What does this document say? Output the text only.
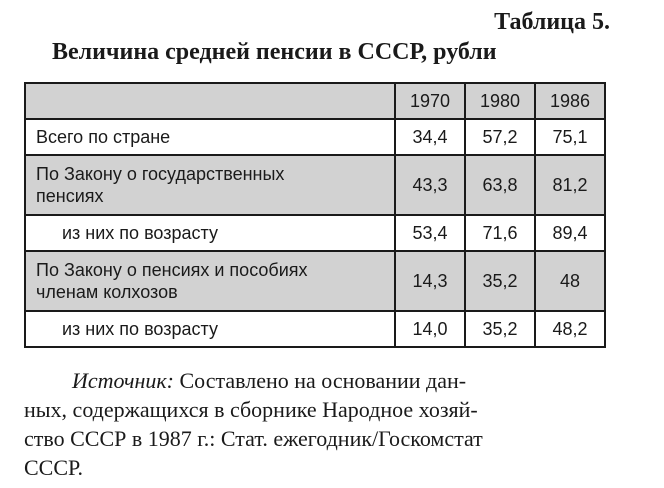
Таблица 5.
Величина средней пенсии в СССР, рубли
	1970	1980	1986
Всего по стране	34,4	57,2	75,1
По Закону о государственных
пенсиях	43,3	63,8	81,2
из них по возрасту	53,4	71,6	89,4
По Закону о пенсиях и пособиях
членам колхозов	14,3	35,2	48
из них по возрасту	14,0	35,2	48,2
Источник: Составлено на основании дан-
ных, содержащихся в сборнике Народное хозяй-
ство СССР в 1987 г.: Стат. ежегодник/Госкомстат
СССР.
